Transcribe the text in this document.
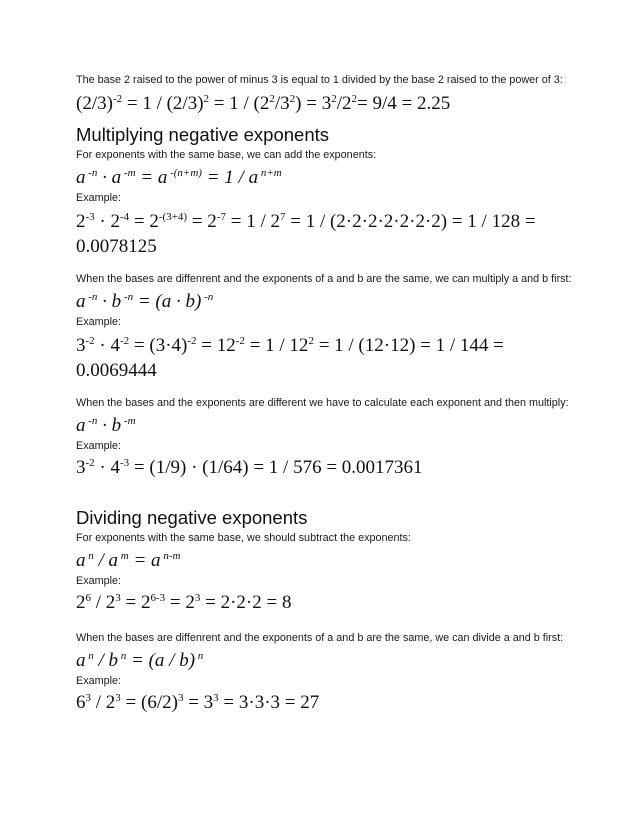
The base 2 raised to the power of minus 3 is equal to 1 divided by the base 2 raised to the power of 3:
$(2/3)^{-2} = 1 / (2/3)^2 = 1 / (2^2/3^2) = 3^2/2^2= 9/4 = 2.25$
Multiplying negative exponents
For exponents with the same base, we can add the exponents:
a $^{-n}$ · a $^{-m}$ = a $^{-(n+m)}$ = 1 / a $^{n+m}$
Example:
$2^{-3} \cdot 2^{-4} = 2^{-(3+4)} = 2^{-7} = 1 / 2^7 = 1 / (2\cdot 2\cdot 2\cdot 2\cdot 2\cdot 2\cdot 2) = 1 / 128$ =
0.0078125
When the bases are diffenrent and the exponents of a and b are the same, we can multiply a and b first:
a $^{-n}$ · b $^{-n}$ = (a · b) $^{-n}$
Example:
$3^{-2} \cdot 4^{-2} = (3\cdot 4)^{-2} = 12^{-2} = 1 / 12^2 = 1 / (12\cdot 12) = 1 / 144$ =
0.0069444
When the bases and the exponents are different we have to calculate each exponent and then multiply:
a $^{-n}$ · b $^{-m}$
Example:
$3^{-2} \cdot 4^{-3} = (1/9) \cdot (1/64) = 1 / 576 = 0.0017361$
Dividing negative exponents
For exponents with the same base, we should subtract the exponents:
a $^n$ / a $^m$ = a $^{n-m}$
Example:
$2^6 / 2^3 = 2^{6-3} = 2^3 = 2\cdot 2\cdot 2 = 8$
When the bases are diffenrent and the exponents of a and b are the same, we can divide a and b first:
a $^n$ / b $^n$ = (a / b) $^n$
Example:
$6^3 / 2^3 = (6/2)^3 = 3^3 = 3\cdot 3\cdot 3 = 27$
